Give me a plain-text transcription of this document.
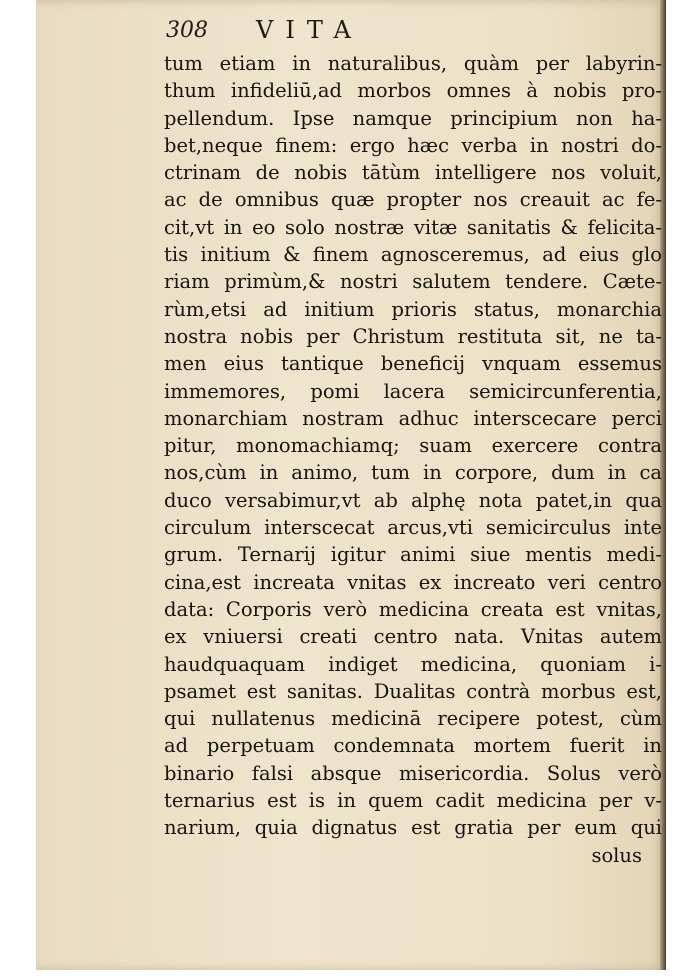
308 VITA
tum etiam in naturalibus, quàm per labyrin-
thum infideliū,ad morbos omnes à nobis pro-
pellendum. Ipse namque principium non ha-
bet,neque finem: ergo hæc verba in nostri do-
ctrinam de nobis tātùm intelligere nos voluit,
ac de omnibus quæ propter nos creauit ac fe-
cit,vt in eo solo nostræ vitæ sanitatis & felicita-
tis initium & finem agnosceremus, ad eius glo
riam primùm,& nostri salutem tendere. Cæte-
rùm,etsi ad initium prioris status, monarchia
nostra nobis per Christum restituta sit, ne ta-
men eius tantique beneficij vnquam essemus
immemores, pomi lacera semicircunferentia,
monarchiam nostram adhuc interscecare perci
pitur, monomachiamq; suam exercere contra
nos,cùm in animo, tum in corpore, dum in ca
duco versabimur,vt ab alphę nota patet,in qua
circulum interscecat arcus,vti semicirculus inte
grum. Ternarij igitur animi siue mentis medi-
cina,est increata vnitas ex increato veri centro
data: Corporis verò medicina creata est vnitas,
ex vniuersi creati centro nata. Vnitas autem
haudquaquam indiget medicina, quoniam i-
psamet est sanitas. Dualitas contrà morbus est,
qui nullatenus medicinā recipere potest, cùm
ad perpetuam condemnata mortem fuerit in
binario falsi absque misericordia. Solus verò
ternarius est is in quem cadit medicina per v-
narium, quia dignatus est gratia per eum qui
solus
